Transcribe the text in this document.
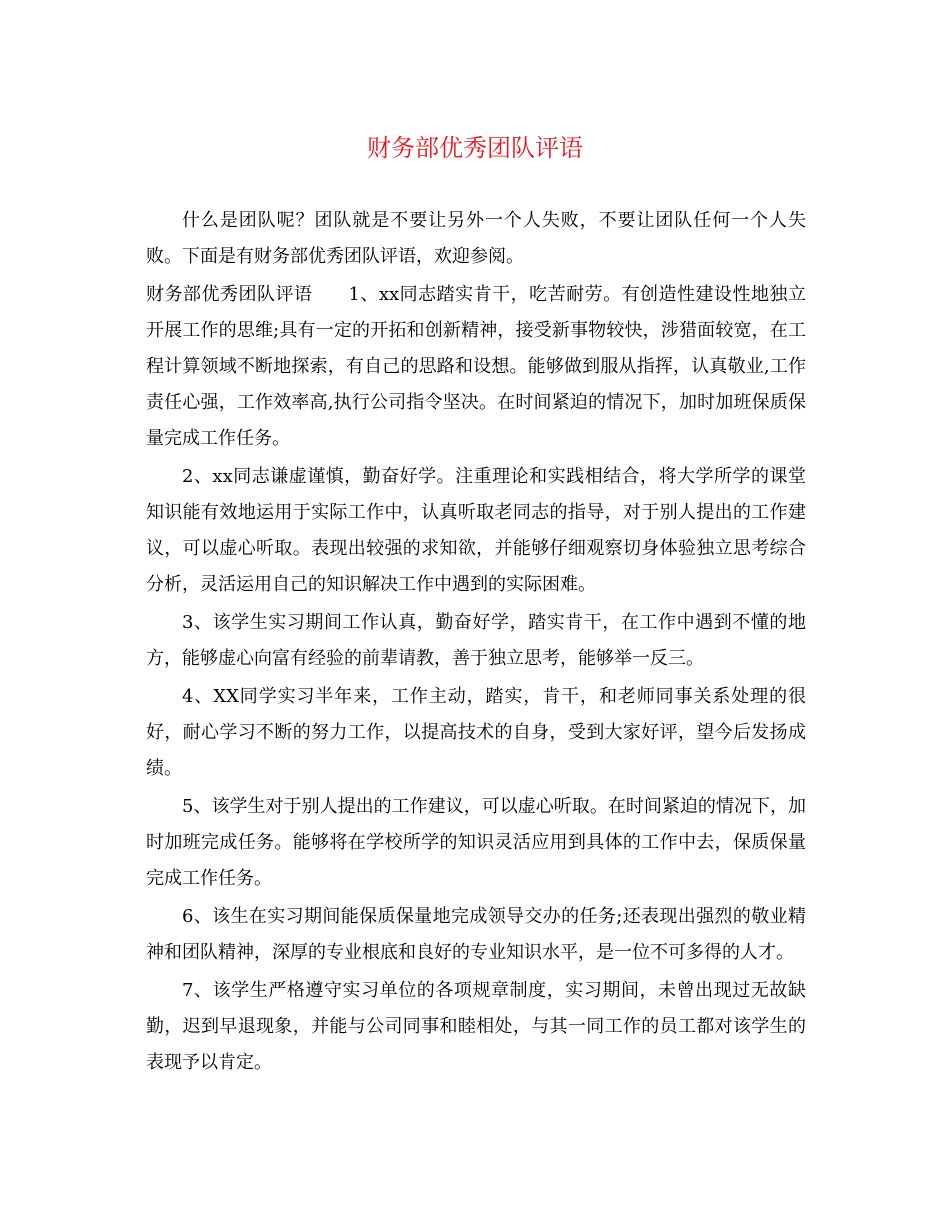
财务部优秀团队评语

什么是团队呢？团队就是不要让另外一个人失败，不要让团队任何一个人失败。下面是有财务部优秀团队评语，欢迎参阅。

财务部优秀团队评语 1、xx同志踏实肯干，吃苦耐劳。有创造性建设性地独立开展工作的思维;具有一定的开拓和创新精神，接受新事物较快，涉猎面较宽，在工程计算领域不断地探索，有自己的思路和设想。能够做到服从指挥，认真敬业,工作责任心强，工作效率高,执行公司指令坚决。在时间紧迫的情况下，加时加班保质保量完成工作任务。

2、xx同志谦虚谨慎，勤奋好学。注重理论和实践相结合，将大学所学的课堂知识能有效地运用于实际工作中，认真听取老同志的指导，对于别人提出的工作建议，可以虚心听取。表现出较强的求知欲，并能够仔细观察切身体验独立思考综合分析，灵活运用自己的知识解决工作中遇到的实际困难。

3、该学生实习期间工作认真，勤奋好学，踏实肯干，在工作中遇到不懂的地方，能够虚心向富有经验的前辈请教，善于独立思考，能够举一反三。

4、XX同学实习半年来，工作主动，踏实，肯干，和老师同事关系处理的很好，耐心学习不断的努力工作，以提高技术的自身，受到大家好评，望今后发扬成绩。

5、该学生对于别人提出的工作建议，可以虚心听取。在时间紧迫的情况下，加时加班完成任务。能够将在学校所学的知识灵活应用到具体的工作中去，保质保量完成工作任务。

6、该生在实习期间能保质保量地完成领导交办的任务;还表现出强烈的敬业精神和团队精神，深厚的专业根底和良好的专业知识水平，是一位不可多得的人才。

7、该学生严格遵守实习单位的各项规章制度，实习期间，未曾出现过无故缺勤，迟到早退现象，并能与公司同事和睦相处，与其一同工作的员工都对该学生的表现予以肯定。
